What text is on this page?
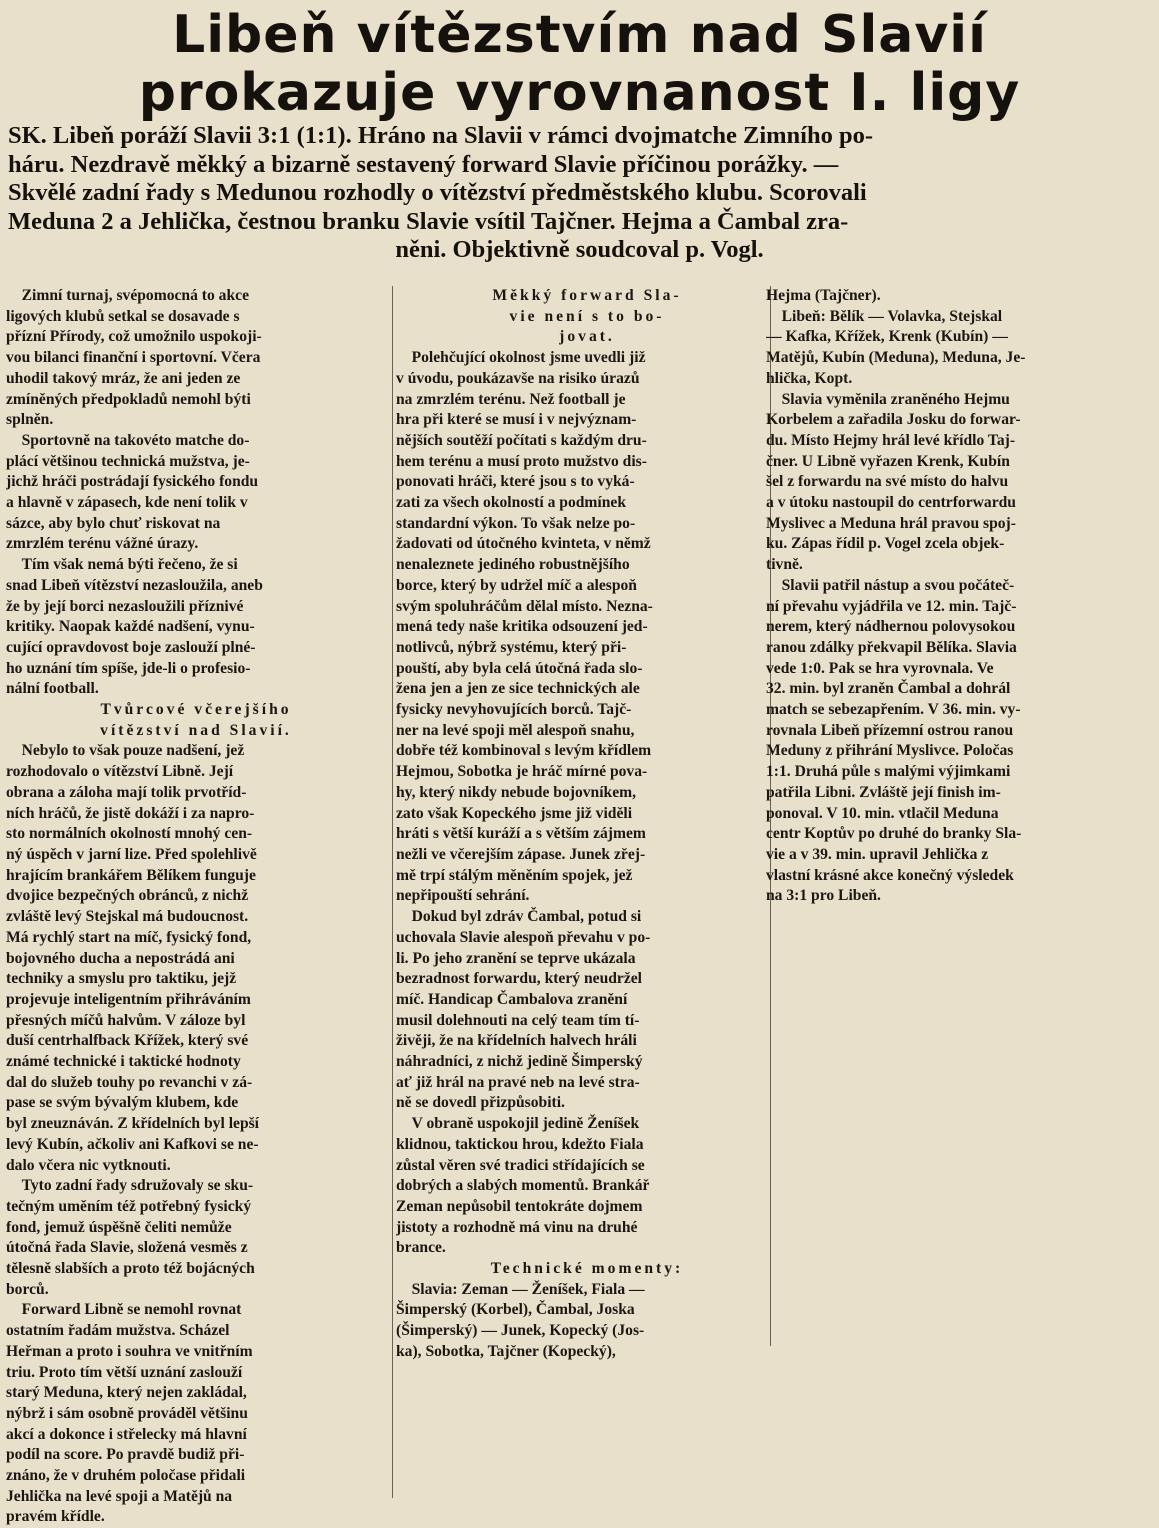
Libeň vítězstvím nad Slavií
prokazuje vyrovnanost I. ligy
SK. Libeň poráží Slavii 3:1 (1:1). Hráno na Slavii v rámci dvojmatche Zimního po-
háru. Nezdravě měkký a bizarně sestavený forward Slavie příčinou porážky. —
Skvělé zadní řady s Medunou rozhodly o vítězství předměstského klubu. Scorovali
Meduna 2 a Jehlička, čestnou branku Slavie vsítil Tajčner. Hejma a Čambal zra-
něni. Objektivně soudcoval p. Vogl.
 Zimní turnaj, svépomocná to akce
ligových klubů setkal se dosavade s
přízní Přírody, což umožnilo uspokoji-
vou bilanci finanční i sportovní. Včera
uhodil takový mráz, že ani jeden ze
zmíněných předpokladů nemohl býti
splněn.
 Sportovně na takovéto matche do-
plácí většinou technická mužstva, je-
jichž hráči postrádají fysického fondu
a hlavně v zápasech, kde není tolik v
sázce, aby bylo chuť riskovat na
zmrzlém terénu vážné úrazy.
 Tím však nemá býti řečeno, že si
snad Libeň vítězství nezasloužila, aneb
že by její borci nezasloužili příznivé
kritiky. Naopak každé nadšení, vynu-
cující opravdovost boje zaslouží plné-
ho uznání tím spíše, jde-li o profesio-
nální football.
Tvůrcové včerejšího
vítězství nad Slavií.
 Nebylo to však pouze nadšení, jež
rozhodovalo o vítězství Libně. Její
obrana a záloha mají tolik prvotříd-
ních hráčů, že jistě dokáží i za napro-
sto normálních okolností mnohý cen-
ný úspěch v jarní lize. Před spolehlivě
hrajícím brankářem Bělíkem funguje
dvojice bezpečných obránců, z nichž
zvláště levý Stejskal má budoucnost.
Má rychlý start na míč, fysický fond,
bojovného ducha a nepostrádá ani
techniky a smyslu pro taktiku, jejž
projevuje inteligentním přihráváním
přesných míčů halvům. V záloze byl
duší centrhalfback Křížek, který své
známé technické i taktické hodnoty
dal do služeb touhy po revanchi v zá-
pase se svým bývalým klubem, kde
byl zneuznáván. Z křídelních byl lepší
levý Kubín, ačkoliv ani Kafkovi se ne-
dalo včera nic vytknouti.
 Tyto zadní řady sdružovaly se sku-
tečným uměním též potřebný fysický
fond, jemuž úspěšně čeliti nemůže
útočná řada Slavie, složená vesměs z
tělesně slabších a proto též bojácných
borců.
 Forward Libně se nemohl rovnat
ostatním řadám mužstva. Scházel
Heřman a proto i souhra ve vnitřním
triu. Proto tím větší uznání zaslouží
starý Meduna, který nejen zakládal,
nýbrž i sám osobně prováděl většinu
akcí a dokonce i střelecky má hlavní
podíl na score. Po pravdě budiž při-
znáno, že v druhém poločase přidali
Jehlička na levé spoji a Matějů na
pravém křídle.
Měkký forward Sla-
vie není s to bo-
jovat.
 Polehčující okolnost jsme uvedli již
v úvodu, poukázavše na risiko úrazů
na zmrzlém terénu. Než football je
hra při které se musí i v nejvýznam-
nějších soutěží počítati s každým dru-
hem terénu a musí proto mužstvo dis-
ponovati hráči, které jsou s to vyká-
zati za všech okolností a podmínek
standardní výkon. To však nelze po-
žadovati od útočného kvinteta, v němž
nenaleznete jediného robustnějšího
borce, který by udržel míč a alespoň
svým spoluhráčům dělal místo. Nezna-
mená tedy naše kritika odsouzení jed-
notlivců, nýbrž systému, který při-
pouští, aby byla celá útočná řada slo-
žena jen a jen ze sice technických ale
fysicky nevyhovujících borců. Tajč-
ner na levé spoji měl alespoň snahu,
dobře též kombinoval s levým křídlem
Hejmou, Sobotka je hráč mírné pova-
hy, který nikdy nebude bojovníkem,
zato však Kopeckého jsme již viděli
hráti s větší kuráží a s větším zájmem
nežli ve včerejším zápase. Junek zřej-
mě trpí stálým měněním spojek, jež
nepřipouští sehrání.
 Dokud byl zdráv Čambal, potud si
uchovala Slavie alespoň převahu v po-
li. Po jeho zranění se teprve ukázala
bezradnost forwardu, který neudržel
míč. Handicap Čambalova zranění
musil dolehnouti na celý team tím tí-
živěji, že na křídelních halvech hráli
náhradníci, z nichž jedině Šimperský
ať již hrál na pravé neb na levé stra-
ně se dovedl přizpůsobiti.
 V obraně uspokojil jedině Ženíšek
klidnou, taktickou hrou, kdežto Fiala
zůstal věren své tradici střídajících se
dobrých a slabých momentů. Brankář
Zeman nepůsobil tentokráte dojmem
jistoty a rozhodně má vinu na druhé
brance.
Technické momenty:
 Slavia: Zeman — Ženíšek, Fiala —
Šimperský (Korbel), Čambal, Joska
(Šimperský) — Junek, Kopecký (Jos-
ka), Sobotka, Tajčner (Kopecký),
Hejma (Tajčner).
 Libeň: Bělík — Volavka, Stejskal
— Kafka, Křížek, Krenk (Kubín) —
Matějů, Kubín (Meduna), Meduna, Je-
hlička, Kopt.
 Slavia vyměnila zraněného Hejmu
Korbelem a zařadila Josku do forwar-
du. Místo Hejmy hrál levé křídlo Taj-
čner. U Libně vyřazen Krenk, Kubín
šel z forwardu na své místo do halvu
a v útoku nastoupil do centrforwardu
Myslivec a Meduna hrál pravou spoj-
ku. Zápas řídil p. Vogel zcela objek-
tivně.
 Slavii patřil nástup a svou počáteč-
ní převahu vyjádřila ve 12. min. Tajč-
nerem, který nádhernou polovysokou
ranou zdálky překvapil Bělíka. Slavia
vede 1:0. Pak se hra vyrovnala. Ve
32. min. byl zraněn Čambal a dohrál
match se sebezapřením. V 36. min. vy-
rovnala Libeň přízemní ostrou ranou
Meduny z přihrání Myslivce. Poločas
1:1. Druhá půle s malými výjimkami
patřila Libni. Zvláště její finish im-
ponoval. V 10. min. vtlačil Meduna
centr Koptův po druhé do branky Sla-
vie a v 39. min. upravil Jehlička z
vlastní krásné akce konečný výsledek
na 3:1 pro Libeň.
